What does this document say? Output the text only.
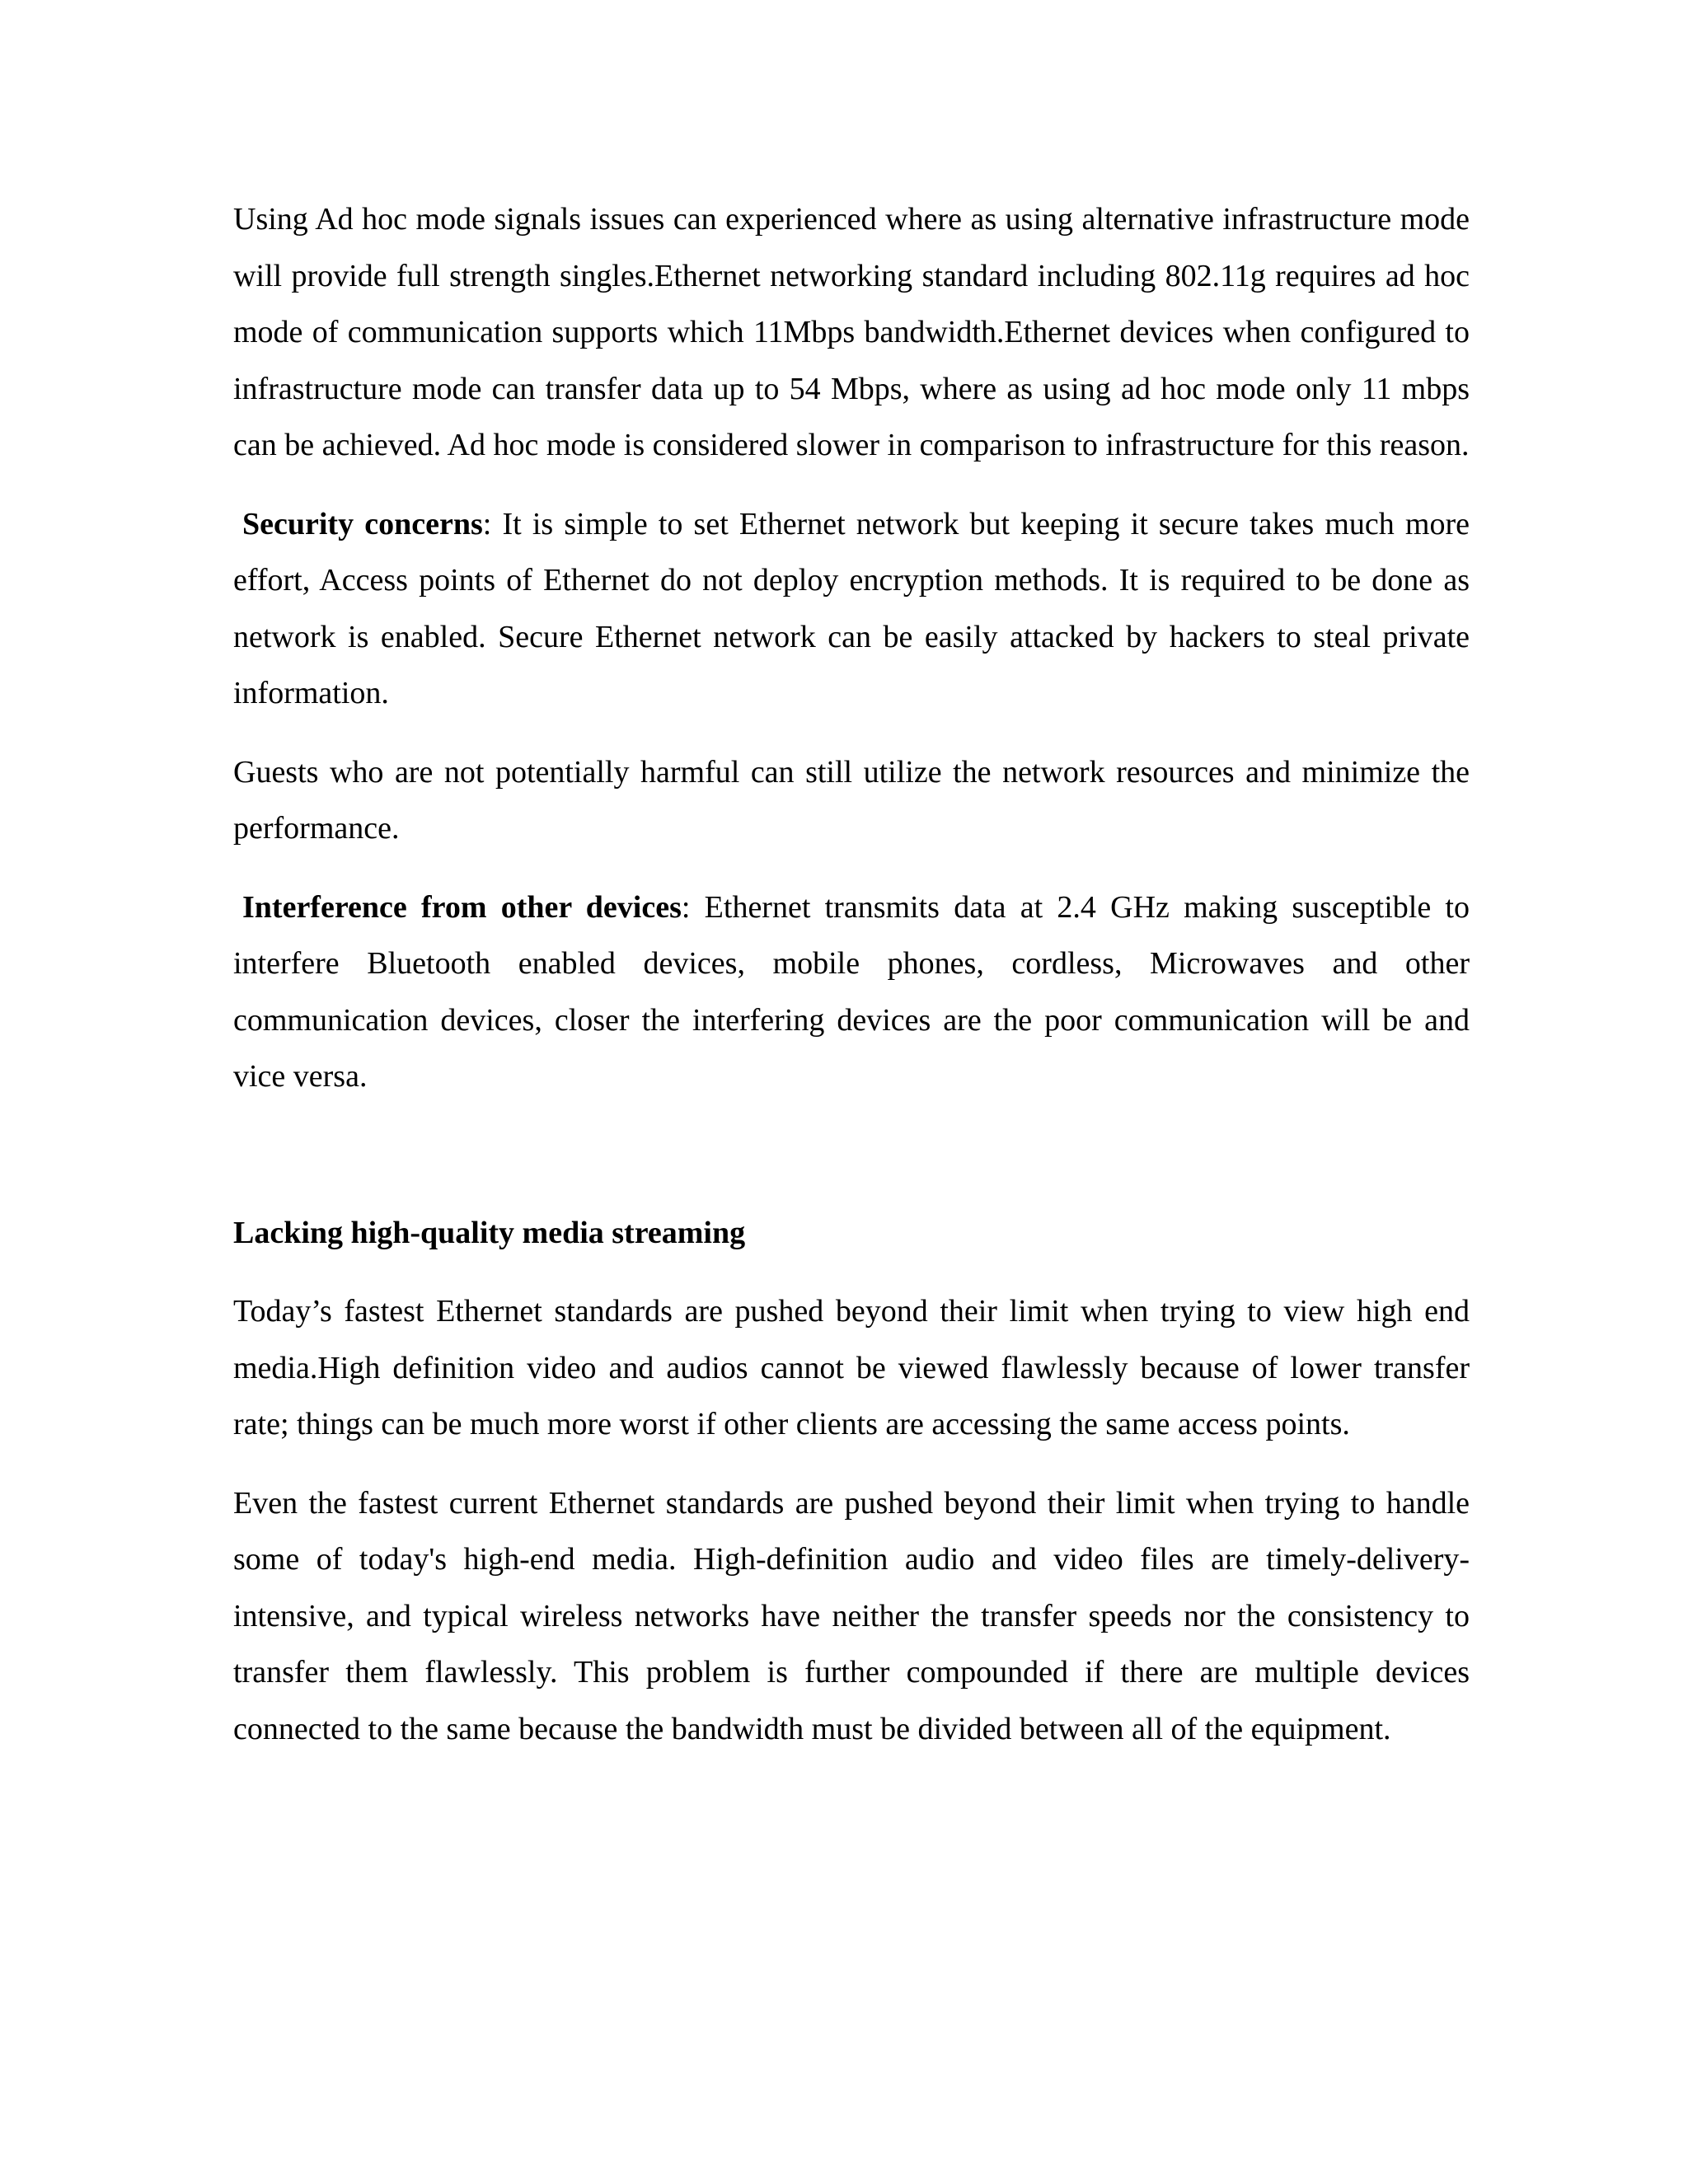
Using Ad hoc mode signals issues can experienced where as using alternative infrastructure mode will provide full strength singles.Ethernet networking standard including 802.11g requires ad hoc mode of communication supports which 11Mbps bandwidth.Ethernet devices when configured to infrastructure mode can transfer data up to 54 Mbps, where as using ad hoc mode only 11 mbps can be achieved. Ad hoc mode is considered slower in comparison to infrastructure for this reason.

Security concerns: It is simple to set Ethernet network but keeping it secure takes much more effort, Access points of Ethernet do not deploy encryption methods. It is required to be done as network is enabled. Secure Ethernet network can be easily attacked by hackers to steal private information.

Guests who are not potentially harmful can still utilize the network resources and minimize the performance.

Interference from other devices: Ethernet transmits data at 2.4 GHz making susceptible to interfere Bluetooth enabled devices, mobile phones, cordless, Microwaves and other communication devices, closer the interfering devices are the poor communication will be and vice versa.

Lacking high-quality media streaming

Today’s fastest Ethernet standards are pushed beyond their limit when trying to view high end media.High definition video and audios cannot be viewed flawlessly because of lower transfer rate; things can be much more worst if other clients are accessing the same access points.

Even the fastest current Ethernet standards are pushed beyond their limit when trying to handle some of today's high-end media. High-definition audio and video files are timely-delivery-intensive, and typical wireless networks have neither the transfer speeds nor the consistency to transfer them flawlessly. This problem is further compounded if there are multiple devices connected to the same because the bandwidth must be divided between all of the equipment.
